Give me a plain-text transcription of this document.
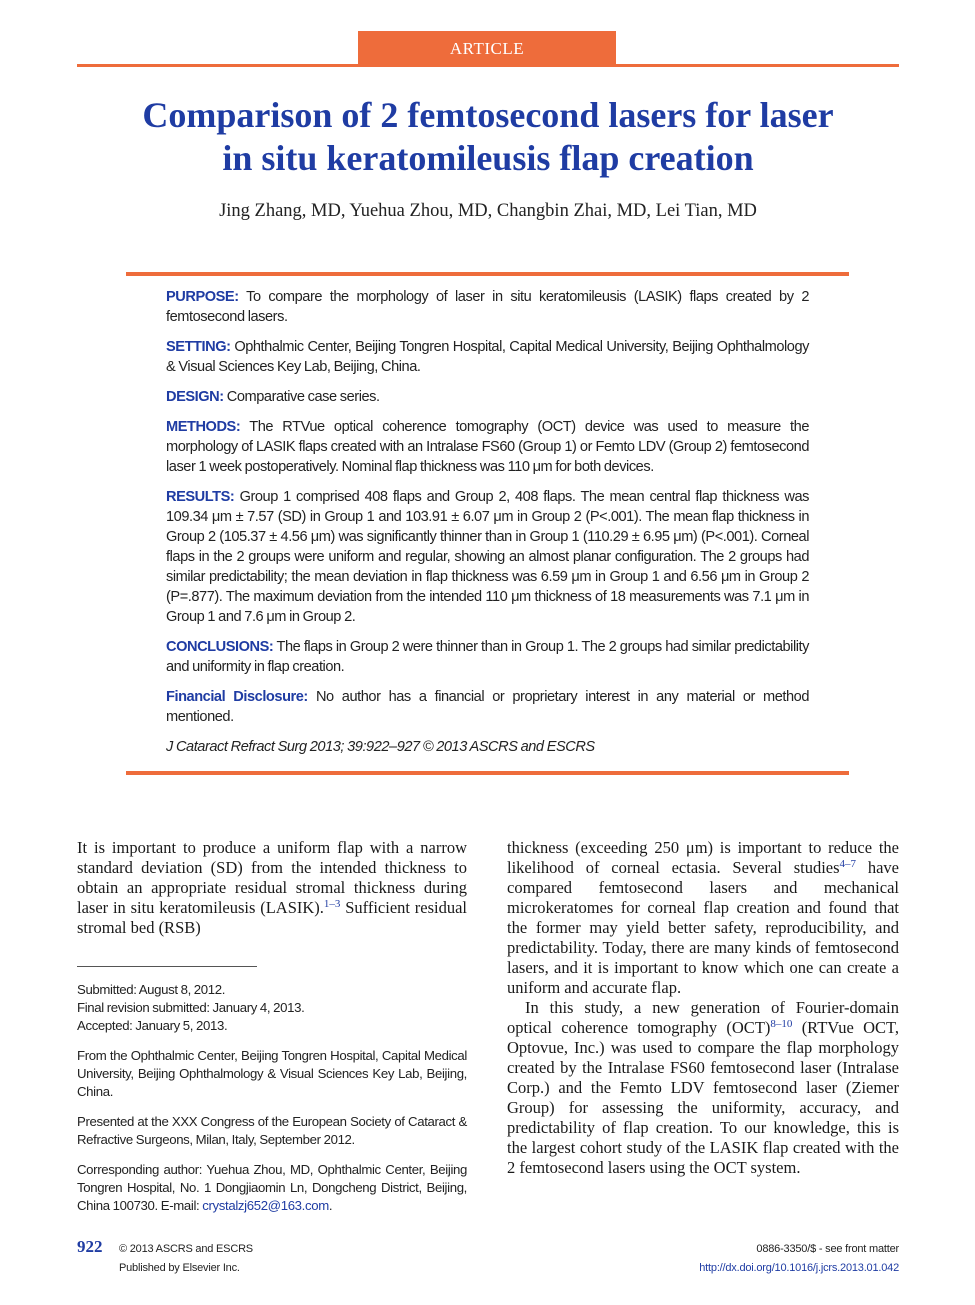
ARTICLE
Comparison of 2 femtosecond lasers for laser
in situ keratomileusis flap creation
Jing Zhang, MD, Yuehua Zhou, MD, Changbin Zhai, MD, Lei Tian, MD

PURPOSE: To compare the morphology of laser in situ keratomileusis (LASIK) flaps created by 2 femtosecond lasers.

SETTING: Ophthalmic Center, Beijing Tongren Hospital, Capital Medical University, Beijing Ophthalmology & Visual Sciences Key Lab, Beijing, China.

DESIGN: Comparative case series.

METHODS: The RTVue optical coherence tomography (OCT) device was used to measure the morphology of LASIK flaps created with an Intralase FS60 (Group 1) or Femto LDV (Group 2) femtosecond laser 1 week postoperatively. Nominal flap thickness was 110 μm for both devices.

RESULTS: Group 1 comprised 408 flaps and Group 2, 408 flaps. The mean central flap thickness was 109.34 μm ± 7.57 (SD) in Group 1 and 103.91 ± 6.07 μm in Group 2 (P<.001). The mean flap thickness in Group 2 (105.37 ± 4.56 μm) was significantly thinner than in Group 1 (110.29 ± 6.95 μm) (P<.001). Corneal flaps in the 2 groups were uniform and regular, showing an almost planar configuration. The 2 groups had similar predictability; the mean deviation in flap thickness was 6.59 μm in Group 1 and 6.56 μm in Group 2 (P=.877). The maximum deviation from the intended 110 μm thickness of 18 measurements was 7.1 μm in Group 1 and 7.6 μm in Group 2.

CONCLUSIONS: The flaps in Group 2 were thinner than in Group 1. The 2 groups had similar predictability and uniformity in flap creation.

Financial Disclosure: No author has a financial or proprietary interest in any material or method mentioned.

J Cataract Refract Surg 2013; 39:922–927 © 2013 ASCRS and ESCRS

It is important to produce a uniform flap with a narrow standard deviation (SD) from the intended thickness to obtain an appropriate residual stromal thickness during laser in situ keratomileusis (LASIK).$^{1-3}$ Sufficient residual stromal bed (RSB)

Submitted: August 8, 2012.

Final revision submitted: January 4, 2013.

Accepted: January 5, 2013.

From the Ophthalmic Center, Beijing Tongren Hospital, Capital Medical University, Beijing Ophthalmology & Visual Sciences Key Lab, Beijing, China.
Presented at the XXX Congress of the European Society of Cataract & Refractive Surgeons, Milan, Italy, September 2012.
Corresponding author: Yuehua Zhou, MD, Ophthalmic Center, Beijing Tongren Hospital, No. 1 Dongjiaomin Ln, Dongcheng District, Beijing, China 100730. E-mail: crystalzj652@163.com.

thickness (exceeding 250 μm) is important to reduce the likelihood of corneal ectasia. Several studies$^{4-7}$ have compared femtosecond lasers and mechanical microkeratomes for corneal flap creation and found that the former may yield better safety, reproducibility, and predictability. Today, there are many kinds of femtosecond lasers, and it is important to know which one can create a uniform and accurate flap.

In this study, a new generation of Fourier-domain optical coherence tomography (OCT)$^{8-10}$ (RTVue OCT, Optovue, Inc.) was used to compare the flap morphology created by the Intralase FS60 femtosecond laser (Intralase Corp.) and the Femto LDV femtosecond laser (Ziemer Group) for assessing the uniformity, accuracy, and predictability of flap creation. To our knowledge, this is the largest cohort study of the LASIK flap created with the 2 femtosecond lasers using the OCT system.

922 © 2013 ASCRS and ESCRS
Published by Elsevier Inc.
0886-3350/$ - see front matter
http://dx.doi.org/10.1016/j.jcrs.2013.01.042
